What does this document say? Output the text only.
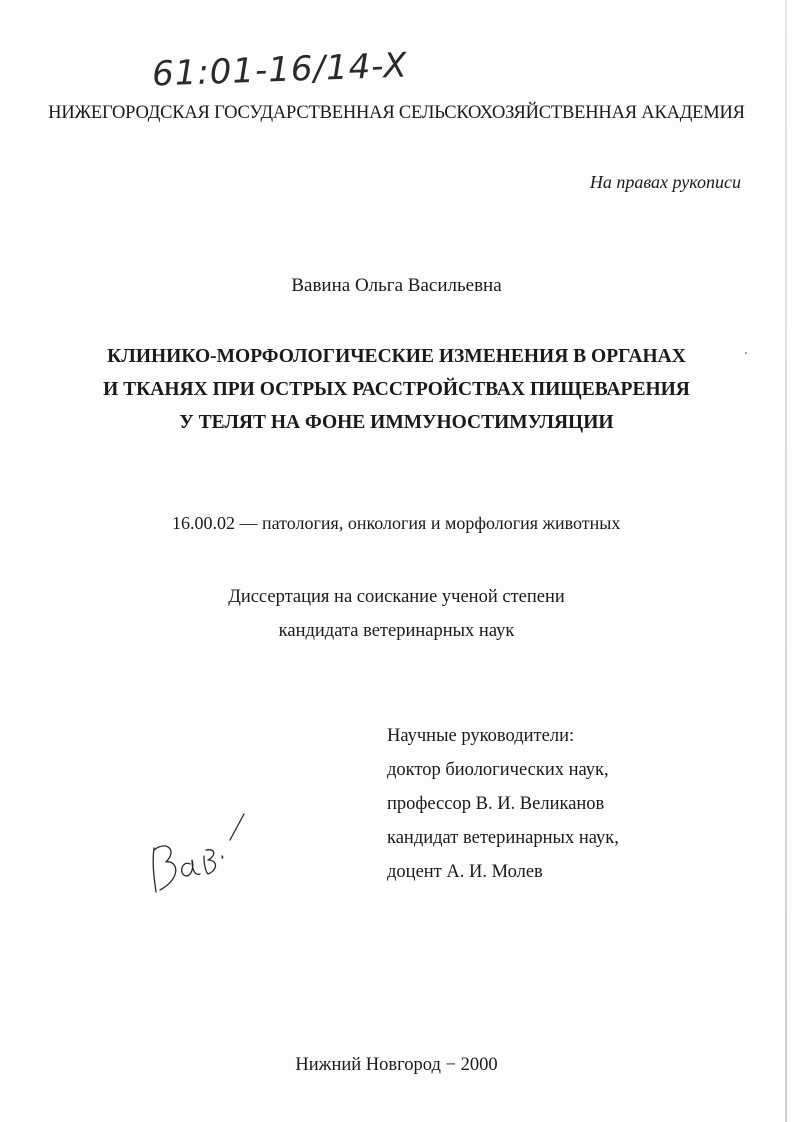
61:01-16/14-X
НИЖЕГОРОДСКАЯ ГОСУДАРСТВЕННАЯ СЕЛЬСКОХОЗЯЙСТВЕННАЯ АКАДЕМИЯ
На правах рукописи
Вавина Ольга Васильевна
КЛИНИКО-МОРФОЛОГИЧЕСКИЕ ИЗМЕНЕНИЯ В ОРГАНАХ
И ТКАНЯХ ПРИ ОСТРЫХ РАССТРОЙСТВАХ ПИЩЕВАРЕНИЯ
У ТЕЛЯТ НА ФОНЕ ИММУНОСТИМУЛЯЦИИ
16.00.02 — патология, онкология и морфология животных
Диссертация на соискание ученой степени
кандидата ветеринарных наук
Научные руководители:
доктор биологических наук,
профессор В. И. Великанов
кандидат ветеринарных наук,
доцент А. И. Молев
Нижний Новгород − 2000
